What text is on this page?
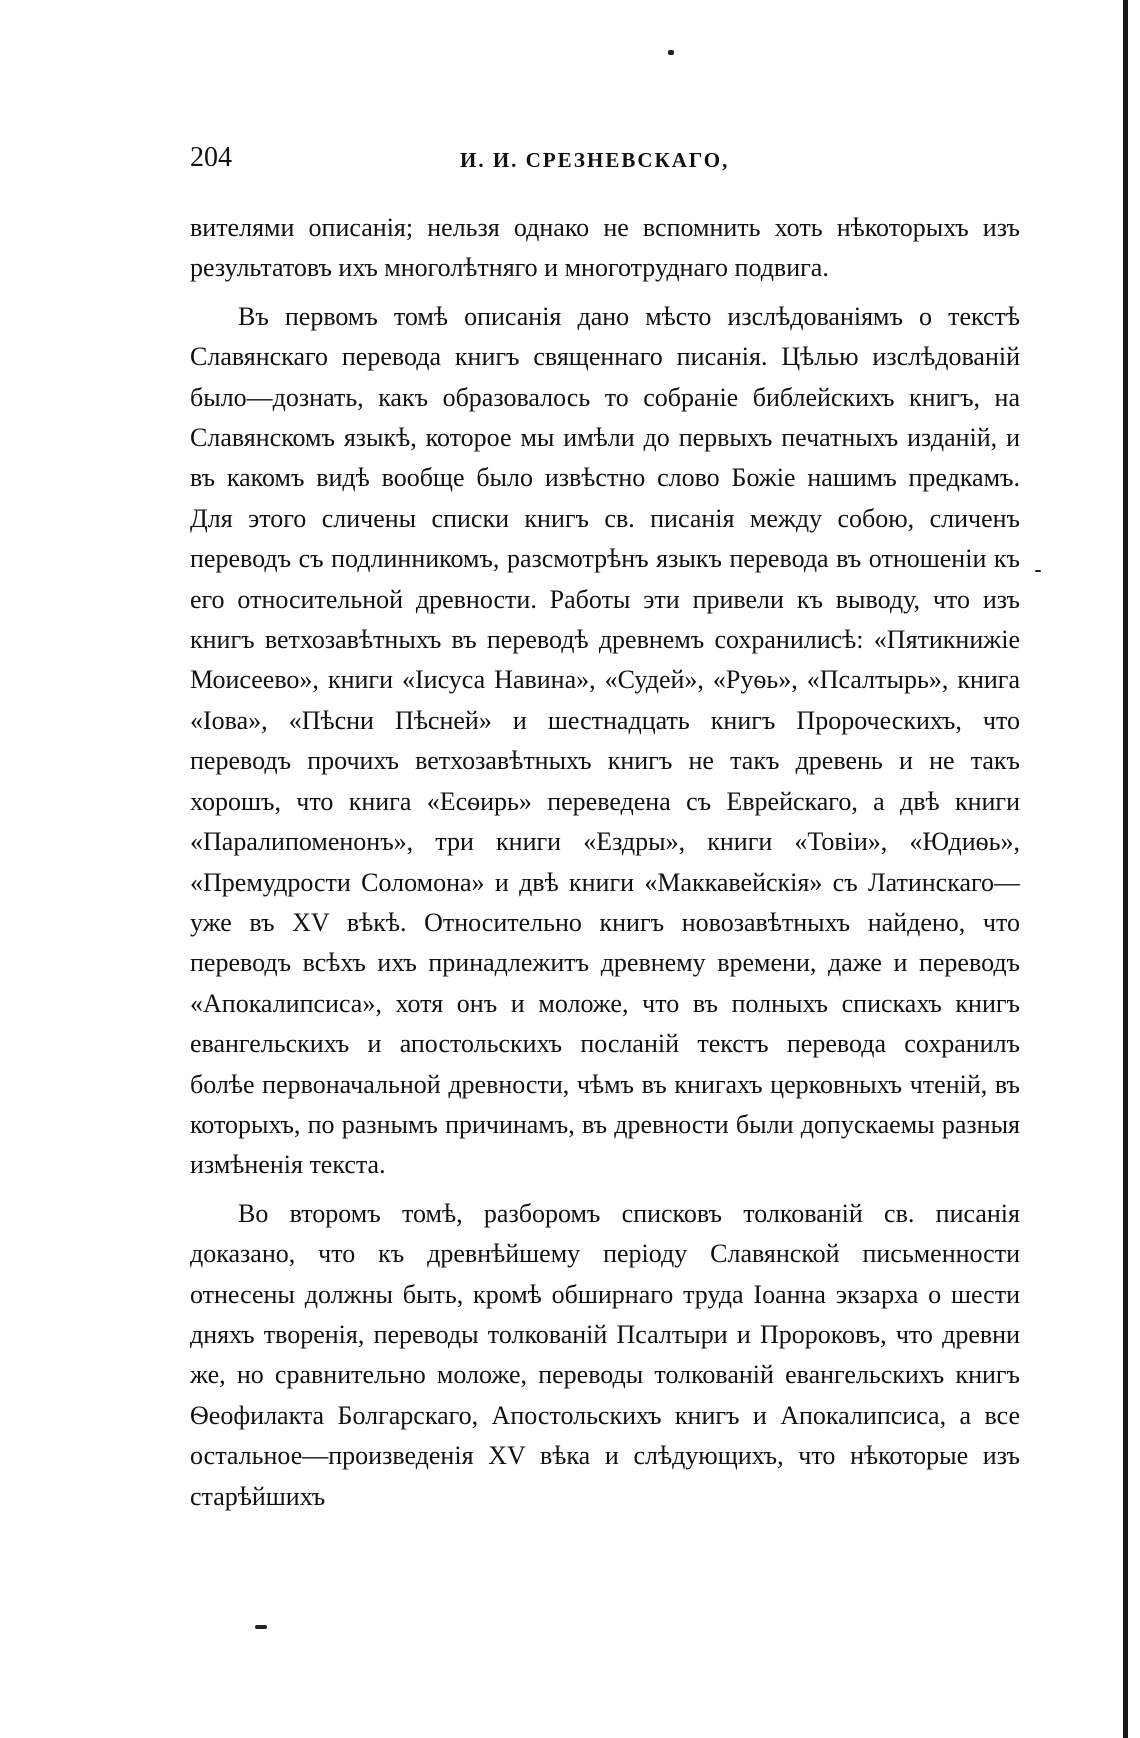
204	И. И. СРЕЗНЕВСКАГО,

вителями описанія; нельзя однако не вспомнить хоть нѣкоторыхъ изъ результатовъ ихъ многолѣтняго и многотруднаго подвига.

Въ первомъ томѣ описанія дано мѣсто изслѣдованіямъ о текстѣ Славянскаго перевода книгъ священнаго писанія. Цѣлью изслѣдованій было—дознать, какъ образовалось то собраніе библейскихъ книгъ, на Славянскомъ языкѣ, которое мы имѣли до первыхъ печатныхъ изданій, и въ какомъ видѣ вообще было извѣстно слово Божіе нашимъ предкамъ. Для этого сличены списки книгъ св. писанія между собою, сличенъ переводъ съ подлинникомъ, разсмотрѣнъ языкъ перевода въ отношеніи къ его относительной древности. Работы эти привели къ выводу, что изъ книгъ ветхозавѣтныхъ въ переводѣ древнемъ сохранилисѣ: «Пятикнижіе Моисеево», книги «Іисуса Навина», «Судей», «Руѳь», «Псалтырь», книга «Іова», «Пѣсни Пѣсней» и шестнадцать книгъ Пророческихъ, что переводъ прочихъ ветхозавѣтныхъ книгъ не такъ древень и не такъ хорошъ, что книга «Есѳирь» переведена съ Еврейскаго, а двѣ книги «Паралипоменонъ», три книги «Ездры», книги «Товіи», «Юдиѳь», «Премудрости Соломона» и двѣ книги «Маккавейскія» съ Латинскаго—уже въ XV вѣкѣ. Относительно книгъ новозавѣтныхъ найдено, что переводъ всѣхъ ихъ принадлежитъ древнему времени, даже и переводъ «Апокалипсиса», хотя онъ и моложе, что въ полныхъ спискахъ книгъ евангельскихъ и апостольскихъ посланій текстъ перевода сохранилъ болѣе первоначальной древности, чѣмъ въ книгахъ церковныхъ чтеній, въ которыхъ, по разнымъ причинамъ, въ древности были допускаемы разныя измѣненія текста.

Во второмъ томѣ, разборомъ списковъ толкованій св. писанія доказано, что къ древнѣйшему періоду Славянской письменности отнесены должны быть, кромѣ обширнаго труда Іоанна экзарха о шести дняхъ творенія, переводы толкованій Псалтыри и Пророковъ, что древни же, но сравнительно моложе, переводы толкованій евангельскихъ книгъ Ѳеофилакта Болгарскаго, Апостольскихъ книгъ и Апокалипсиса, а все остальное—произведенія XV вѣка и слѣдующихъ, что нѣкоторые изъ старѣйшихъ
